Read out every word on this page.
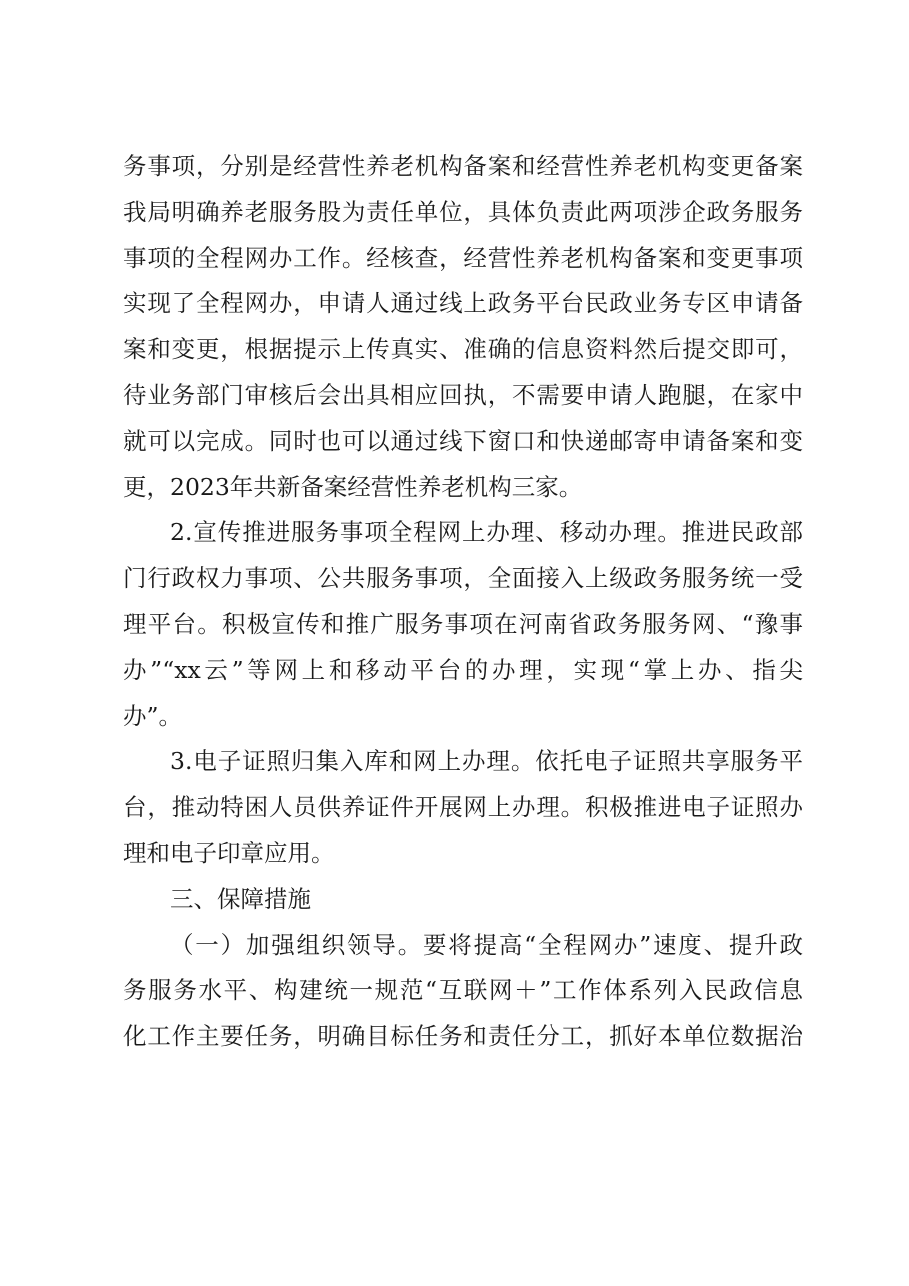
务事项，分别是经营性养老机构备案和经营性养老机构变更备案
我局明确养老服务股为责任单位，具体负责此两项涉企政务服务
事项的全程网办工作。经核查，经营性养老机构备案和变更事项
实现了全程网办，申请人通过线上政务平台民政业务专区申请备
案和变更，根据提示上传真实、准确的信息资料然后提交即可，
待业务部门审核后会出具相应回执，不需要申请人跑腿，在家中
就可以完成。同时也可以通过线下窗口和快递邮寄申请备案和变
更，2023年共新备案经营性养老机构三家。
2.宣传推进服务事项全程网上办理、移动办理。推进民政部
门行政权力事项、公共服务事项，全面接入上级政务服务统一受
理平台。积极宣传和推广服务事项在河南省政务服务网、“豫事
办”“xx云”等网上和移动平台的办理，实现“掌上办、指尖
办”。
3.电子证照归集入库和网上办理。依托电子证照共享服务平
台，推动特困人员供养证件开展网上办理。积极推进电子证照办
理和电子印章应用。
三、保障措施
（一）加强组织领导。要将提高“全程网办”速度、提升政
务服务水平、构建统一规范“互联网＋”工作体系列入民政信息
化工作主要任务，明确目标任务和责任分工，抓好本单位数据治
